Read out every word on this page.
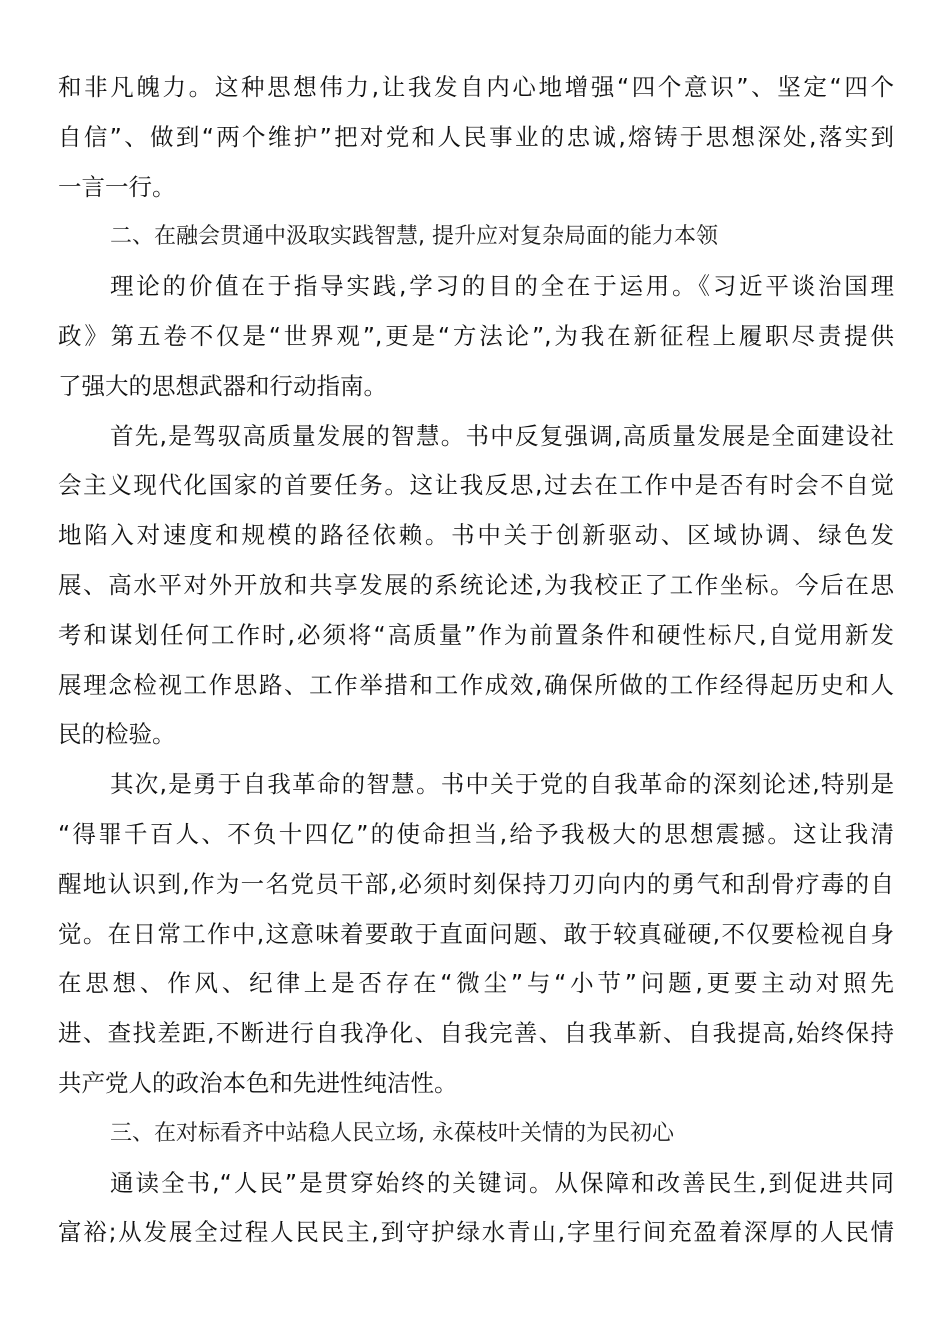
和非凡魄力。这种思想伟力,让我发自内心地增强“四个意识”、坚定“四个
自信”、做到“两个维护”把对党和人民事业的忠诚,熔铸于思想深处,落实到
一言一行。
二、在融会贯通中汲取实践智慧, 提升应对复杂局面的能力本领
理论的价值在于指导实践,学习的目的全在于运用。《习近平谈治国理
政》第五卷不仅是“世界观”,更是“方法论”,为我在新征程上履职尽责提供
了强大的思想武器和行动指南。
首先,是驾驭高质量发展的智慧。书中反复强调,高质量发展是全面建设社
会主义现代化国家的首要任务。这让我反思,过去在工作中是否有时会不自觉
地陷入对速度和规模的路径依赖。书中关于创新驱动、区域协调、绿色发
展、高水平对外开放和共享发展的系统论述,为我校正了工作坐标。今后在思
考和谋划任何工作时,必须将“高质量”作为前置条件和硬性标尺,自觉用新发
展理念检视工作思路、工作举措和工作成效,确保所做的工作经得起历史和人
民的检验。
其次,是勇于自我革命的智慧。书中关于党的自我革命的深刻论述,特别是
“得罪千百人、不负十四亿”的使命担当,给予我极大的思想震撼。这让我清
醒地认识到,作为一名党员干部,必须时刻保持刀刃向内的勇气和刮骨疗毒的自
觉。在日常工作中,这意味着要敢于直面问题、敢于较真碰硬,不仅要检视自身
在思想、作风、纪律上是否存在“微尘”与“小节”问题,更要主动对照先
进、查找差距,不断进行自我净化、自我完善、自我革新、自我提高,始终保持
共产党人的政治本色和先进性纯洁性。
三、在对标看齐中站稳人民立场, 永葆枝叶关情的为民初心
通读全书,“人民”是贯穿始终的关键词。从保障和改善民生,到促进共同
富裕;从发展全过程人民民主,到守护绿水青山,字里行间充盈着深厚的人民情
